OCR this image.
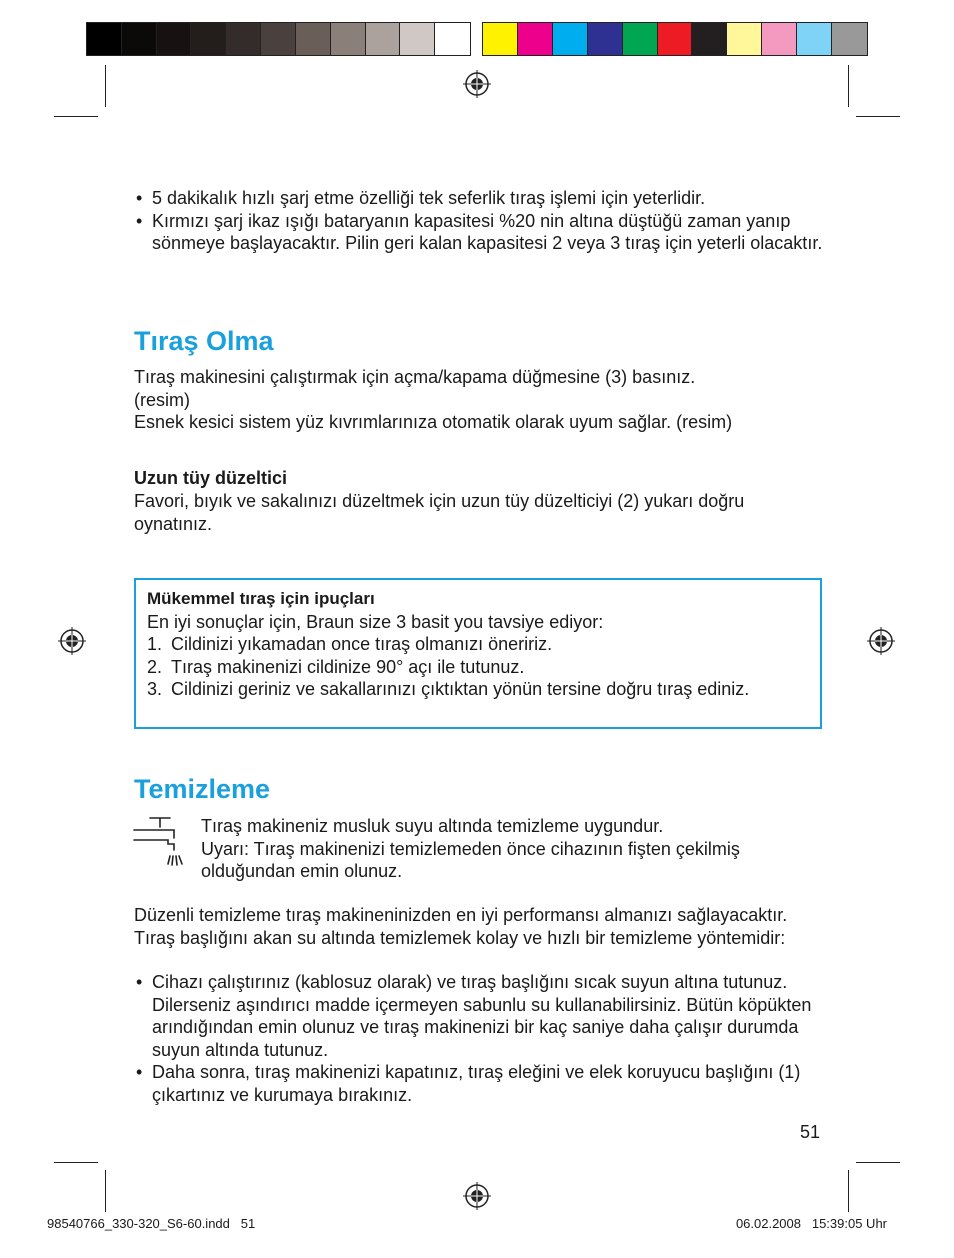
• 5 dakikalık hızlı şarj etme özelliği tek seferlik tıraş işlemi için yeterlidir.
• Kırmızı şarj ikaz ışığı bataryanın kapasitesi %20 nin altına düştüğü zaman yanıp sönmeye başlayacaktır. Pilin geri kalan kapasitesi 2 veya 3 tıraş için yeterli olacaktır.
Tıraş Olma
Tıraş makinesini çalıştırmak için açma/kapama düğmesine (3) basınız.
(resim)
Esnek kesici sistem yüz kıvrımlarınıza otomatik olarak uyum sağlar. (resim)
Uzun tüy düzeltici
Favori, bıyık ve sakalınızı düzeltmek için uzun tüy düzelticiyi (2) yukarı doğru oynatınız.
Mükemmel tıraş için ipuçları
En iyi sonuçlar için, Braun size 3 basit you tavsiye ediyor:
1. Cildinizi yıkamadan once tıraş olmanızı öneririz.
2. Tıraş makinenizi cildinize 90° açı ile tutunuz.
3. Cildinizi geriniz ve sakallarınızı çıktıktan yönün tersine doğru tıraş ediniz.
Temizleme
Tıraş makineniz musluk suyu altında temizleme uygundur.
Uyarı: Tıraş makinenizi temizlemeden önce cihazının fişten çekilmiş olduğundan emin olunuz.
Düzenli temizleme tıraş makineninizden en iyi performansı almanızı sağlayacaktır. Tıraş başlığını akan su altında temizlemek kolay ve hızlı bir temizleme yöntemidir:
• Cihazı çalıştırınız (kablosuz olarak) ve tıraş başlığını sıcak suyun altına tutunuz. Dilerseniz aşındırıcı madde içermeyen sabunlu su kullanabilirsiniz. Bütün köpükten arındığından emin olunuz ve tıraş makinenizi bir kaç saniye daha çalışır durumda suyun altında tutunuz.
• Daha sonra, tıraş makinenizi kapatınız, tıraş eleğini ve elek koruyucu başlığını (1) çıkartınız ve kurumaya bırakınız.
51
98540766_330-320_S6-60.indd   51	06.02.2008   15:39:05 Uhr
